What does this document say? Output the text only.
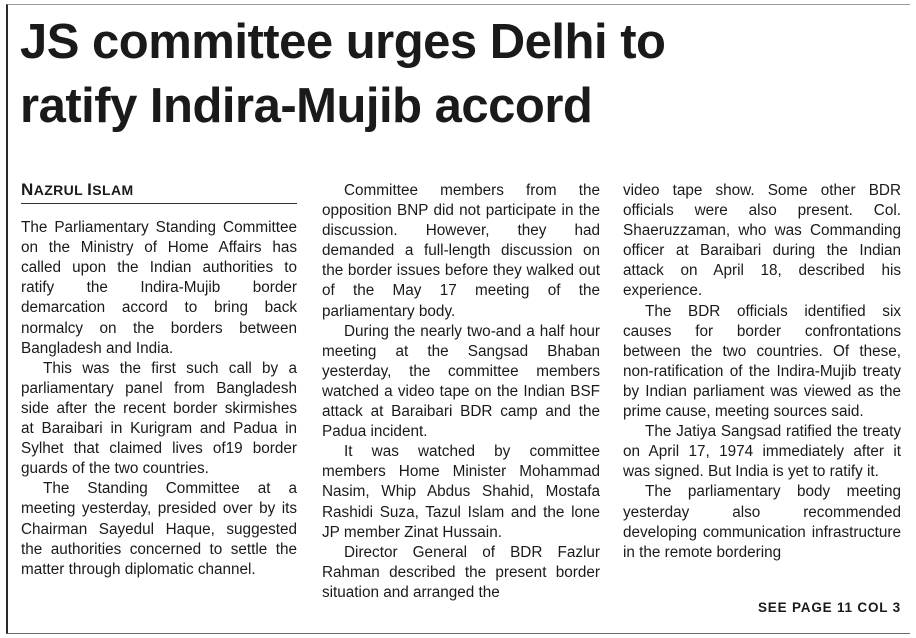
JS committee urges Delhi to
ratify Indira-Mujib accord
NAZRUL ISLAM

The Parliamentary Standing Committee on the Ministry of Home Affairs has called upon the Indian authorities to ratify the Indira-Mujib border demarcation accord to bring back normalcy on the borders between Bangladesh and India.

This was the first such call by a parliamentary panel from Bangladesh side after the recent border skirmishes at Baraibari in Kurigram and Padua in Sylhet that claimed lives of19 border guards of the two countries.

The Standing Committee at a meeting yesterday, presided over by its Chairman Sayedul Haque, suggested the authorities concerned to settle the matter through diplomatic channel.

Committee members from the opposition BNP did not participate in the discussion. However, they had demanded a full-length discussion on the border issues before they walked out of the May 17 meeting of the parliamentary body.

During the nearly two-and a half hour meeting at the Sangsad Bhaban yesterday, the committee members watched a video tape on the Indian BSF attack at Baraibari BDR camp and the Padua incident.

It was watched by committee members Home Minister Mohammad Nasim, Whip Abdus Shahid, Mostafa Rashidi Suza, Tazul Islam and the lone JP member Zinat Hussain.

Director General of BDR Fazlur Rahman described the present border situation and arranged the

video tape show. Some other BDR officials were also present. Col. Shaeruzzaman, who was Commanding officer at Baraibari during the Indian attack on April 18, described his experience.

The BDR officials identified six causes for border confrontations between the two countries. Of these, non-ratification of the Indira-Mujib treaty by Indian parliament was viewed as the prime cause, meeting sources said.

The Jatiya Sangsad ratified the treaty on April 17, 1974 immediately after it was signed. But India is yet to ratify it.

The parliamentary body meeting yesterday also recommended developing communication infrastructure in the remote bordering

SEE PAGE 11 COL 3
